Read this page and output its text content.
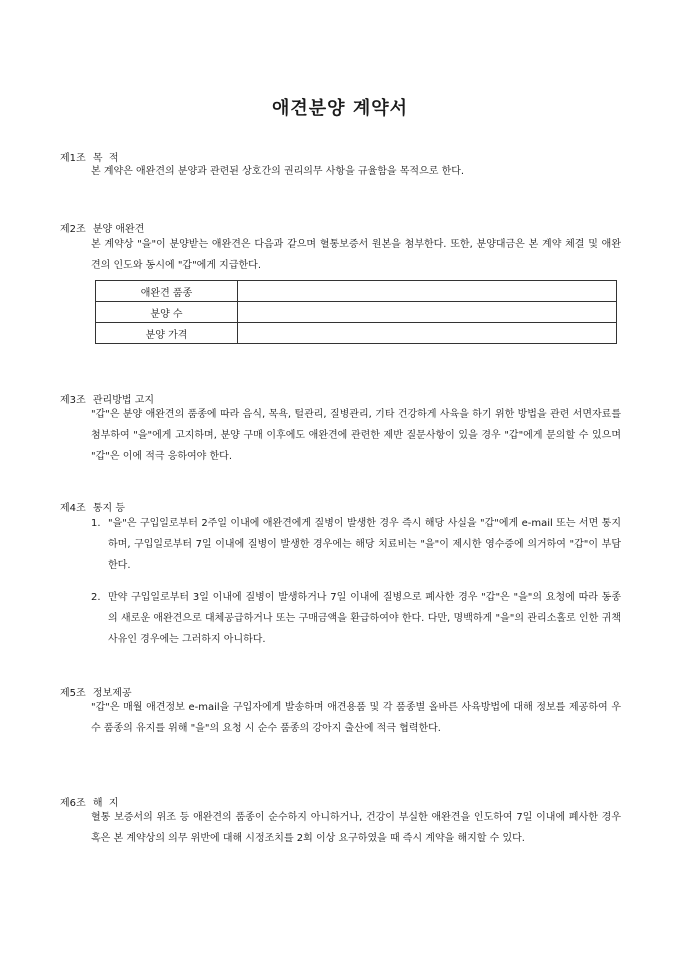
애견분양 계약서
제1조 목  적
본 계약은 애완견의 분양과 관련된 상호간의 권리의무 사항을 규율함을 목적으로 한다.
제2조 분양 애완견
본 계약상 "을"이 분양받는 애완견은 다음과 같으며 혈통보증서 원본을 첨부한다. 또한, 분양대금은 본 계약 체결 및 애완견의 인도와 동시에 "갑"에게 지급한다.
애완견 품종	
분양 수	
분양 가격	
제3조 관리방법 고지
"갑"은 분양 애완견의 품종에 따라 음식, 목욕, 털관리, 질병관리, 기타 건강하게 사육을 하기 위한 방법을 관련 서면자료를 첨부하여 "을"에게 고지하며, 분양 구매 이후에도 애완견에 관련한 제반 질문사항이 있을 경우 "갑"에게 문의할 수 있으며 "갑"은 이에 적극 응하여야 한다.
제4조 통지 등
1. "을"은 구입일로부터 2주일 이내에 애완견에게 질병이 발생한 경우 즉시 해당 사실을 "갑"에게 e-mail 또는 서면 통지하며, 구입일로부터 7일 이내에 질병이 발생한 경우에는 해당 치료비는 "을"이 제시한 영수증에 의거하여 "갑"이 부담한다.
2. 만약 구입일로부터 3일 이내에 질병이 발생하거나 7일 이내에 질병으로 폐사한 경우 "갑"은 "을"의 요청에 따라 동종의 새로운 애완견으로 대체공급하거나 또는 구매금액을 환급하여야 한다. 다만, 명백하게 "을"의 관리소홀로 인한 귀책사유인 경우에는 그러하지 아니하다.
제5조 정보제공
"갑"은 매월 애견정보 e-mail을 구입자에게 발송하며 애견용품 및 각 품종별 올바른 사육방법에 대해 정보를 제공하여 우수 품종의 유지를 위해 "을"의 요청 시 순수 품종의 강아지 출산에 적극 협력한다.
제6조 해  지
혈통 보증서의 위조 등 애완견의 품종이 순수하지 아니하거나, 건강이 부실한 애완견을 인도하여 7일 이내에 폐사한 경우 혹은 본 계약상의 의무 위반에 대해 시정조치를 2회 이상 요구하였을 때 즉시 계약을 해지할 수 있다.
